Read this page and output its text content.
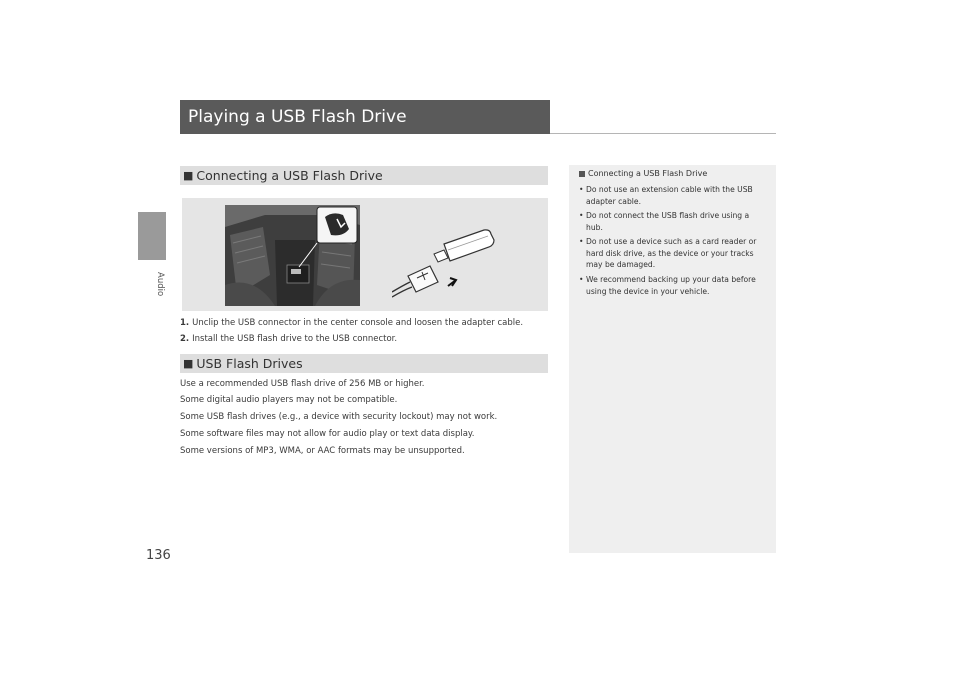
Audio
136
Playing a USB Flash Drive
■ Connecting a USB Flash Drive
1. Unclip the USB connector in the center console and loosen the adapter cable.
2. Install the USB flash drive to the USB connector.
■ USB Flash Drives
Use a recommended USB flash drive of 256 MB or higher.
Some digital audio players may not be compatible.
Some USB flash drives (e.g., a device with security lockout) may not work.
Some software files may not allow for audio play or text data display.
Some versions of MP3, WMA, or AAC formats may be unsupported.
Connecting a USB Flash Drive
• Do not use an extension cable with the USB
adapter cable.
• Do not connect the USB flash drive using a
hub.
• Do not use a device such as a card reader or
hard disk drive, as the device or your tracks
may be damaged.
• We recommend backing up your data before
using the device in your vehicle.
